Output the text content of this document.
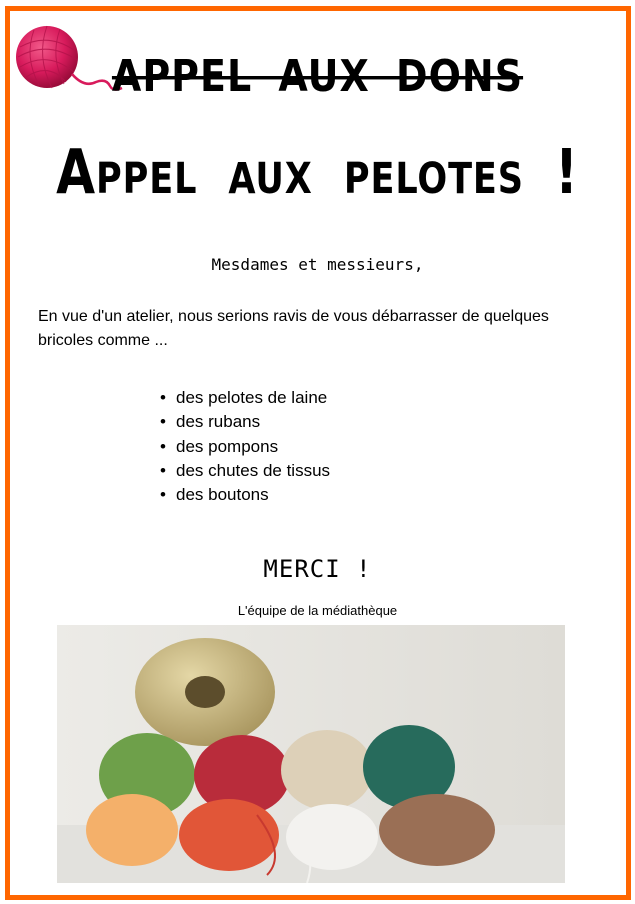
APPEL AUX DONS
Appel aux pelotes !
Mesdames et messieurs,
En vue d'un atelier, nous serions ravis de vous débarrasser de quelques bricoles comme ...
• des pelotes de laine
• des rubans
• des pompons
• des chutes de tissus
• des boutons
MERCI !
L'équipe de la médiathèque
